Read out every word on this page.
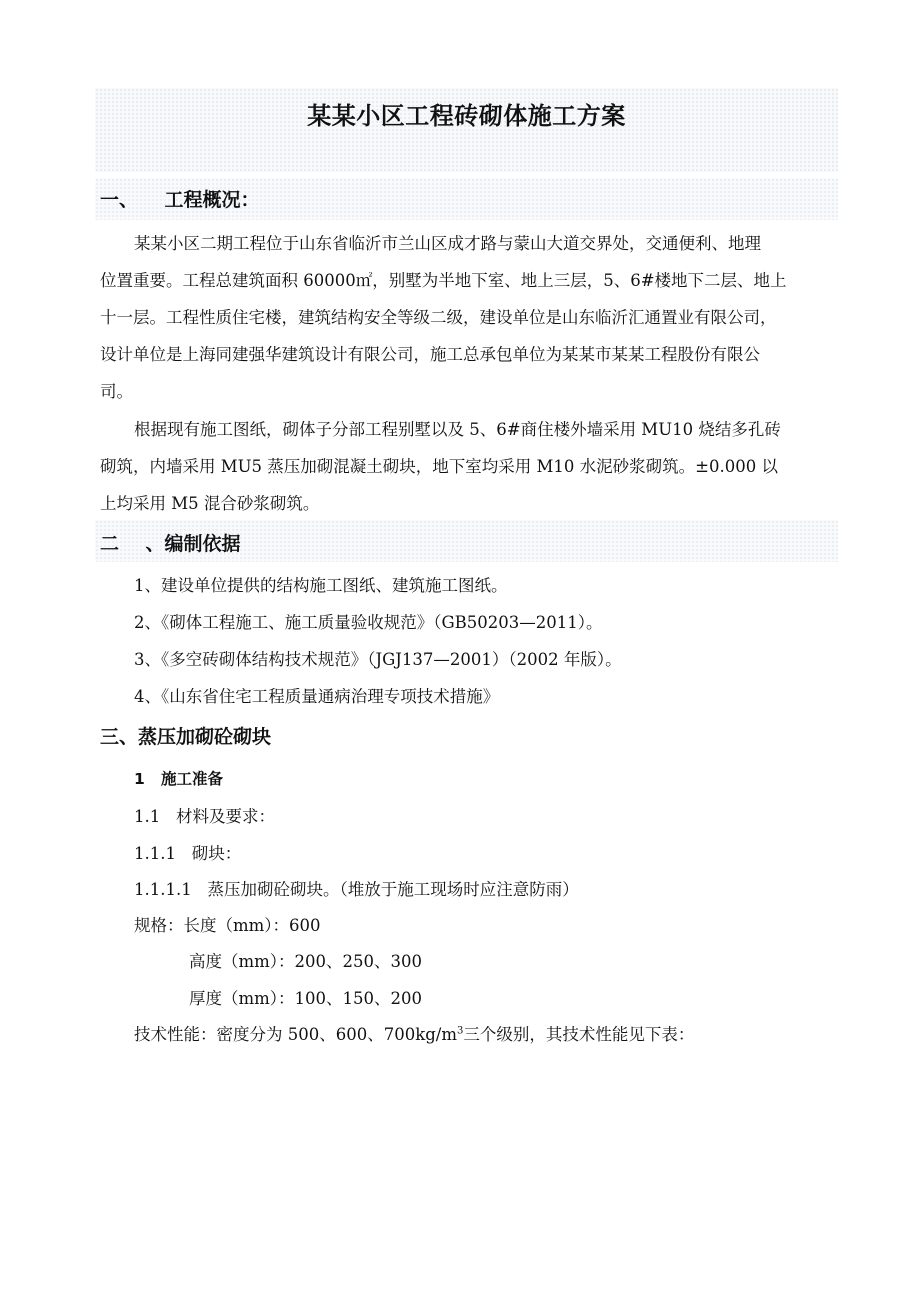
某某小区工程砖砌体施工方案
一、    工程概况：
某某小区二期工程位于山东省临沂市兰山区成才路与蒙山大道交界处，交通便利、地理
位置重要。工程总建筑面积 60000㎡，别墅为半地下室、地上三层，5、6#楼地下二层、地上
十一层。工程性质住宅楼，建筑结构安全等级二级，建设单位是山东临沂汇通置业有限公司，
设计单位是上海同建强华建筑设计有限公司，施工总承包单位为某某市某某工程股份有限公
司。
根据现有施工图纸，砌体子分部工程别墅以及 5、6#商住楼外墙采用 MU10 烧结多孔砖
砌筑，内墙采用 MU5 蒸压加砌混凝土砌块，地下室均采用 M10 水泥砂浆砌筑。±0.000 以
上均采用 M5 混合砂浆砌筑。
二    、编制依据
1、建设单位提供的结构施工图纸、建筑施工图纸。
2、《砌体工程施工、施工质量验收规范》（GB50203—2011）。
3、《多空砖砌体结构技术规范》（JGJ137—2001）（2002 年版）。
4、《山东省住宅工程质量通病治理专项技术措施》
三、蒸压加砌砼砌块
1   施工准备
1.1   材料及要求：
1.1.1   砌块：
1.1.1.1   蒸压加砌砼砌块。（堆放于施工现场时应注意防雨）
规格：长度（mm）：600
高度（mm）：200、250、300
厚度（mm）：100、150、200
技术性能：密度分为 500、600、$700kg/m^3$三个级别，其技术性能见下表：
